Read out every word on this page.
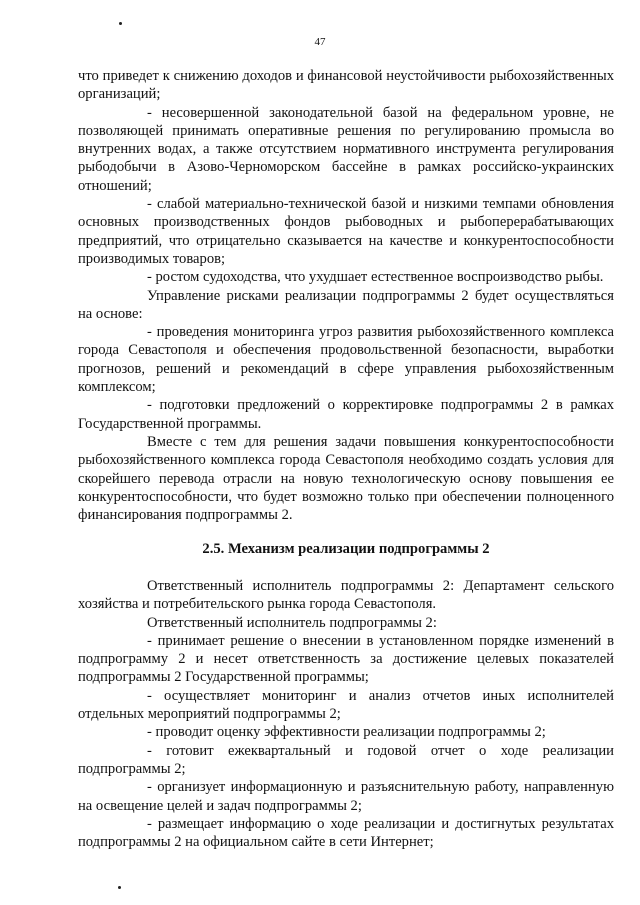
47

что приведет к снижению доходов и финансовой неустойчивости рыбохозяйственных организаций;

- несовершенной законодательной базой на федеральном уровне, не позволяющей принимать оперативные решения по регулированию промысла во внутренних водах, а также отсутствием нормативного инструмента регулирования рыбодобычи в Азово-Черноморском бассейне в рамках российско-украинских отношений;

- слабой материально-технической базой и низкими темпами обновления основных производственных фондов рыбоводных и рыбоперерабатывающих предприятий, что отрицательно сказывается на качестве и конкурентоспособности производимых товаров;

- ростом судоходства, что ухудшает естественное воспроизводство рыбы.

Управление рисками реализации подпрограммы 2 будет осуществляться на основе:

- проведения мониторинга угроз развития рыбохозяйственного комплекса города Севастополя и обеспечения продовольственной безопасности, выработки прогнозов, решений и рекомендаций в сфере управления рыбохозяйственным комплексом;

- подготовки предложений о корректировке подпрограммы 2 в рамках Государственной программы.

Вместе с тем для решения задачи повышения конкурентоспособности рыбохозяйственного комплекса города Севастополя необходимо создать условия для скорейшего перевода отрасли на новую технологическую основу повышения ее конкурентоспособности, что будет возможно только при обеспечении полноценного финансирования подпрограммы 2.

2.5. Механизм реализации подпрограммы 2

Ответственный исполнитель подпрограммы 2: Департамент сельского хозяйства и потребительского рынка города Севастополя.

Ответственный исполнитель подпрограммы 2:

- принимает решение о внесении в установленном порядке изменений в подпрограмму 2 и несет ответственность за достижение целевых показателей подпрограммы 2 Государственной программы;

- осуществляет мониторинг и анализ отчетов иных исполнителей отдельных мероприятий подпрограммы 2;

- проводит оценку эффективности реализации подпрограммы 2;

- готовит ежеквартальный и годовой отчет о ходе реализации подпрограммы 2;

- организует информационную и разъяснительную работу, направленную на освещение целей и задач подпрограммы 2;

- размещает информацию о ходе реализации и достигнутых результатах подпрограммы 2 на официальном сайте в сети Интернет;
